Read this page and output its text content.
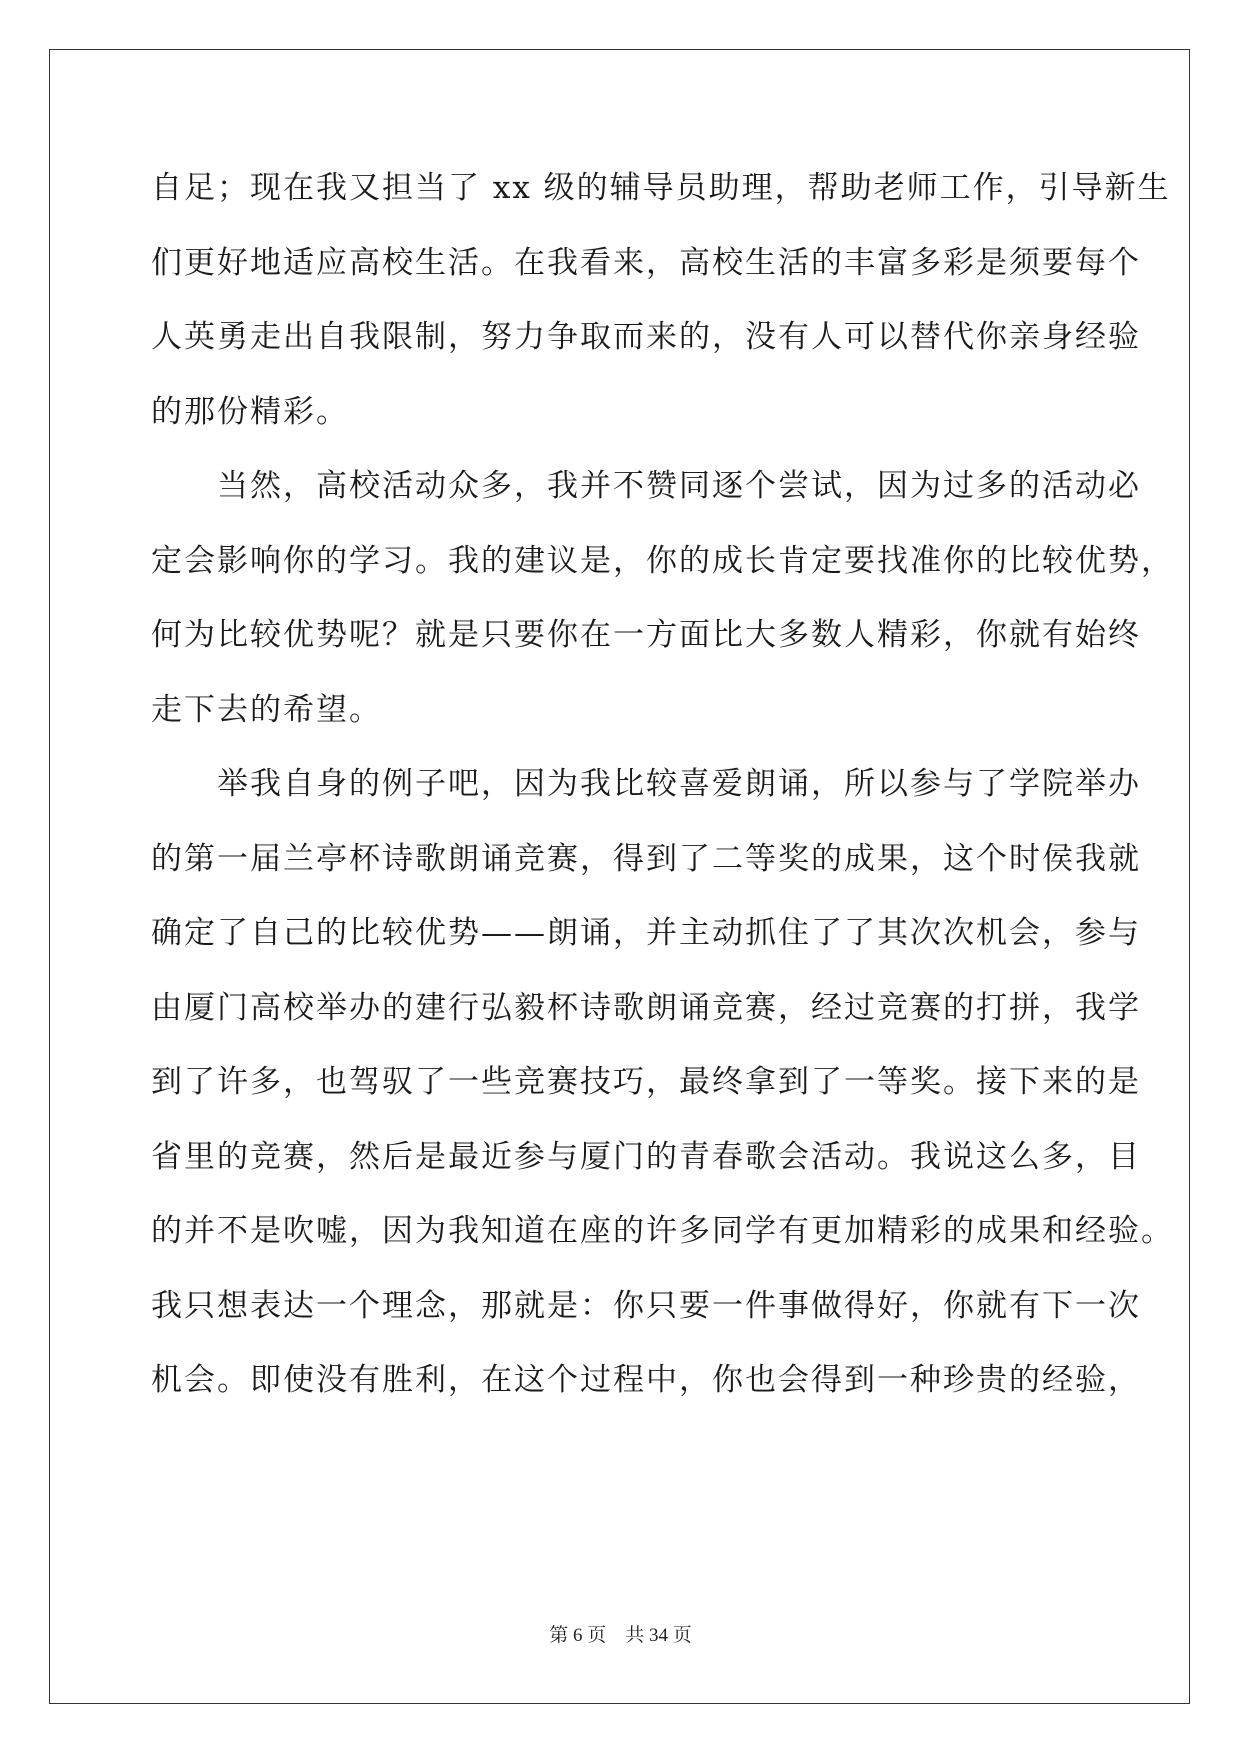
自足；现在我又担当了 xx 级的辅导员助理，帮助老师工作，引导新生
们更好地适应高校生活。在我看来，高校生活的丰富多彩是须要每个
人英勇走出自我限制，努力争取而来的，没有人可以替代你亲身经验
的那份精彩。
　　当然，高校活动众多，我并不赞同逐个尝试，因为过多的活动必
定会影响你的学习。我的建议是，你的成长肯定要找准你的比较优势，
何为比较优势呢？就是只要你在一方面比大多数人精彩，你就有始终
走下去的希望。
　　举我自身的例子吧，因为我比较喜爱朗诵，所以参与了学院举办
的第一届兰亭杯诗歌朗诵竞赛，得到了二等奖的成果，这个时侯我就
确定了自己的比较优势——朗诵，并主动抓住了了其次次机会，参与
由厦门高校举办的建行弘毅杯诗歌朗诵竞赛，经过竞赛的打拼，我学
到了许多，也驾驭了一些竞赛技巧，最终拿到了一等奖。接下来的是
省里的竞赛，然后是最近参与厦门的青春歌会活动。我说这么多，目
的并不是吹嘘，因为我知道在座的许多同学有更加精彩的成果和经验。
我只想表达一个理念，那就是：你只要一件事做得好，你就有下一次
机会。即使没有胜利，在这个过程中，你也会得到一种珍贵的经验，
第 6 页　共 34 页
